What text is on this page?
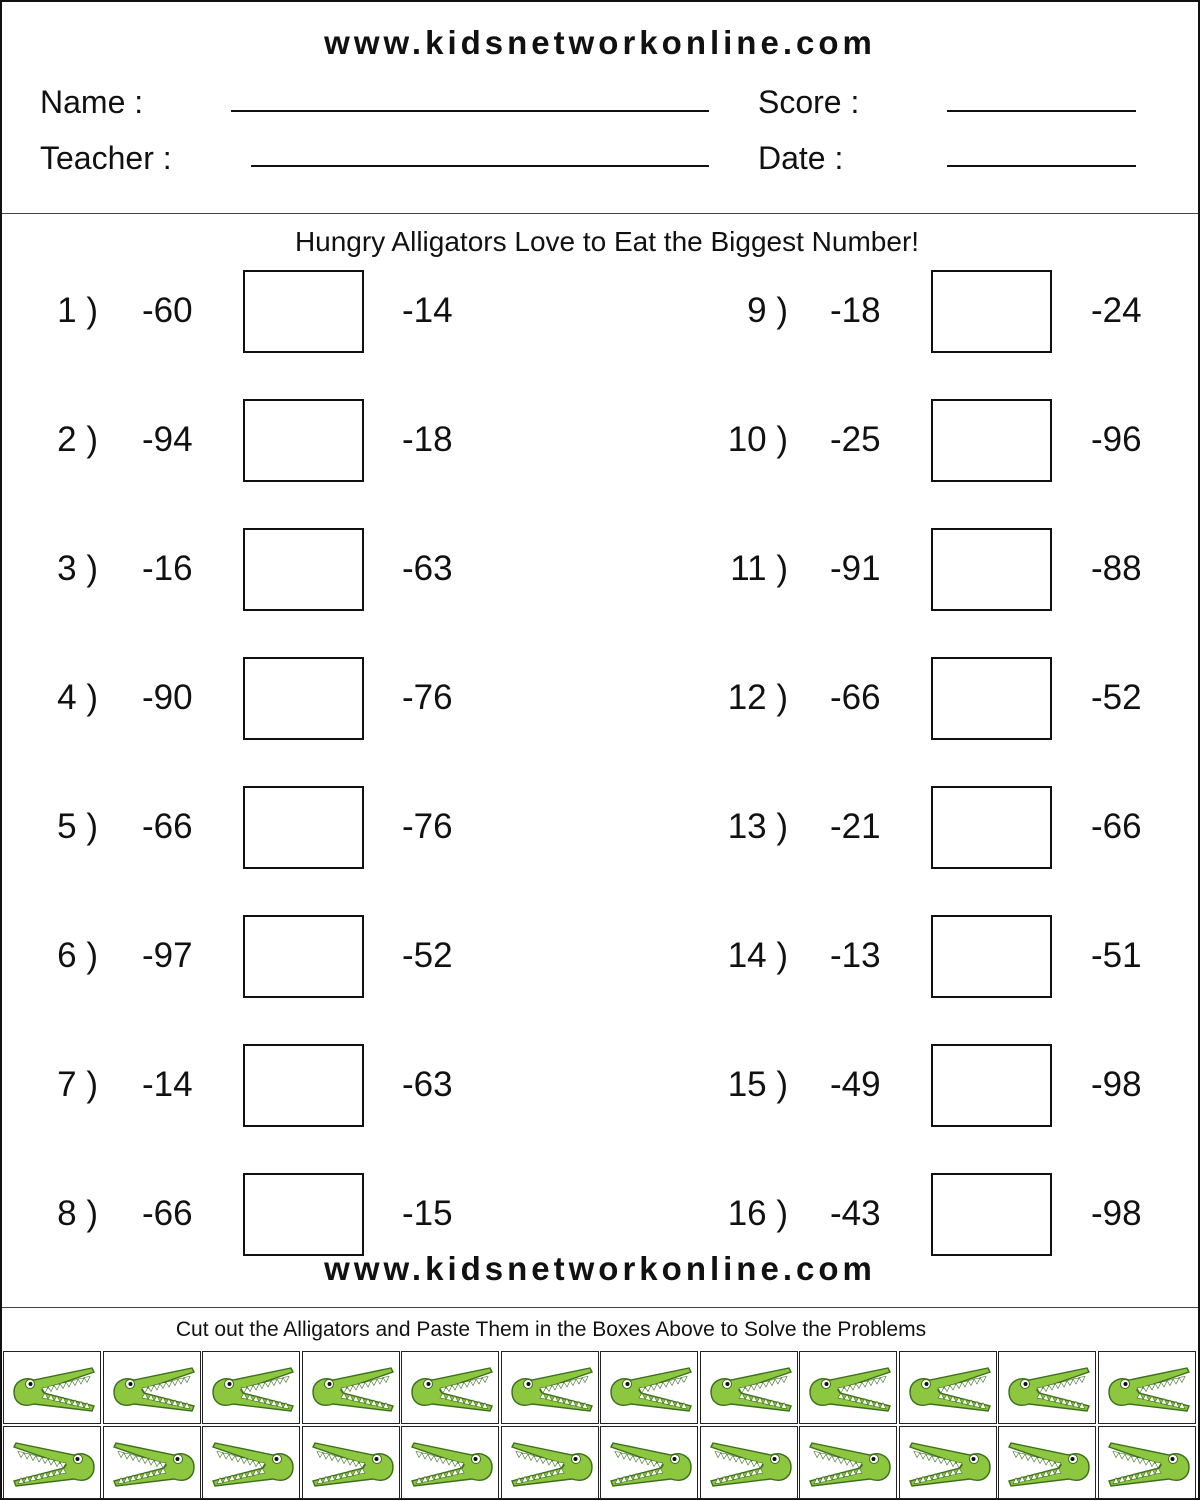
www.kidsnetworkonline.com
Name :	Score :
Teacher :	Date :
Hungry Alligators Love to Eat the Biggest Number!
1 ) -60	-14
2 ) -94	-18
3 ) -16	-63
4 ) -90	-76
5 ) -66	-76
6 ) -97	-52
7 ) -14	-63
8 ) -66	-15
9 ) -18	-24
10 ) -25	-96
11 ) -91	-88
12 ) -66	-52
13 ) -21	-66
14 ) -13	-51
15 ) -49	-98
16 ) -43	-98
www.kidsnetworkonline.com
Cut out the Alligators and Paste Them in the Boxes Above to Solve the Problems
